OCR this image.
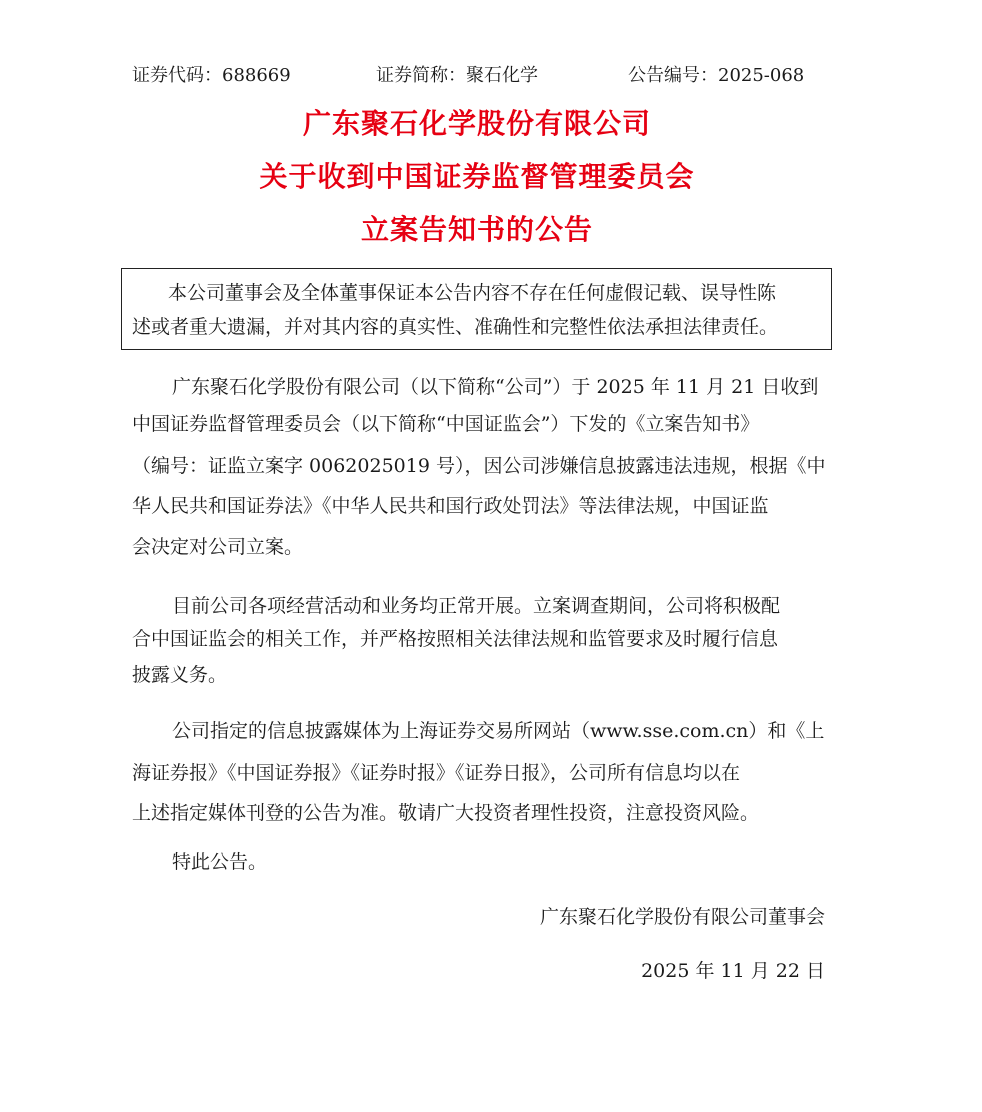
证券代码：688669	证券简称：聚石化学	公告编号：2025-068
广东聚石化学股份有限公司
关于收到中国证券监督管理委员会
立案告知书的公告
本公司董事会及全体董事保证本公告内容不存在任何虚假记载、误导性陈
述或者重大遗漏，并对其内容的真实性、准确性和完整性依法承担法律责任。
广东聚石化学股份有限公司（以下简称“公司”）于 2025 年 11 月 21 日收到
中国证券监督管理委员会（以下简称“中国证监会”）下发的《立案告知书》
（编号：证监立案字 0062025019 号），因公司涉嫌信息披露违法违规，根据《中
华人民共和国证券法》《中华人民共和国行政处罚法》等法律法规，中国证监
会决定对公司立案。
目前公司各项经营活动和业务均正常开展。立案调查期间，公司将积极配
合中国证监会的相关工作，并严格按照相关法律法规和监管要求及时履行信息
披露义务。
公司指定的信息披露媒体为上海证券交易所网站（www.sse.com.cn）和《上
海证券报》《中国证券报》《证券时报》《证券日报》，公司所有信息均以在
上述指定媒体刊登的公告为准。敬请广大投资者理性投资，注意投资风险。
特此公告。
广东聚石化学股份有限公司董事会
2025 年 11 月 22 日
